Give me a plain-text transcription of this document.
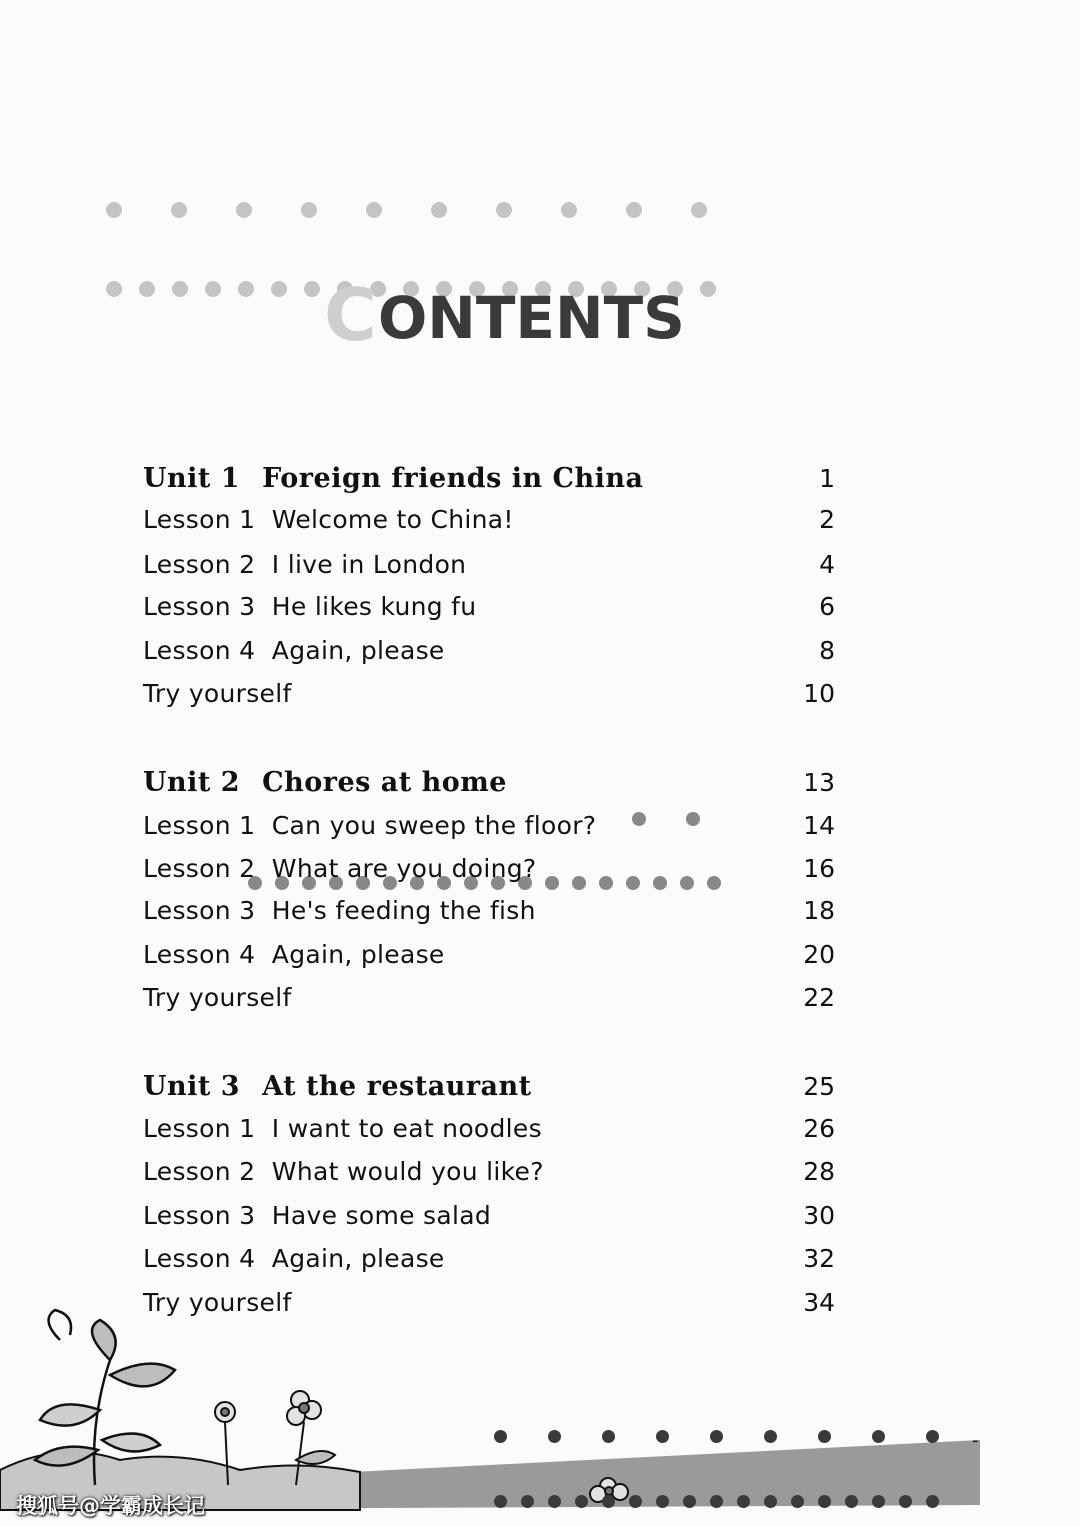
C ONTENTS
Unit 1 Foreign friends in China	1
Lesson 1  Welcome to China!	2
Lesson 2  I live in London	4
Lesson 3  He likes kung fu	6
Lesson 4  Again, please	8
Try yourself	10
Unit 2 Chores at home	13
Lesson 1  Can you sweep the floor?	14
Lesson 2  What are you doing?	16
Lesson 3  He's feeding the fish	18
Lesson 4  Again, please	20
Try yourself	22
Unit 3 At the restaurant	25
Lesson 1  I want to eat noodles	26
Lesson 2  What would you like?	28
Lesson 3  Have some salad	30
Lesson 4  Again, please	32
Try yourself	34
-
搜狐号@学霸成长记
